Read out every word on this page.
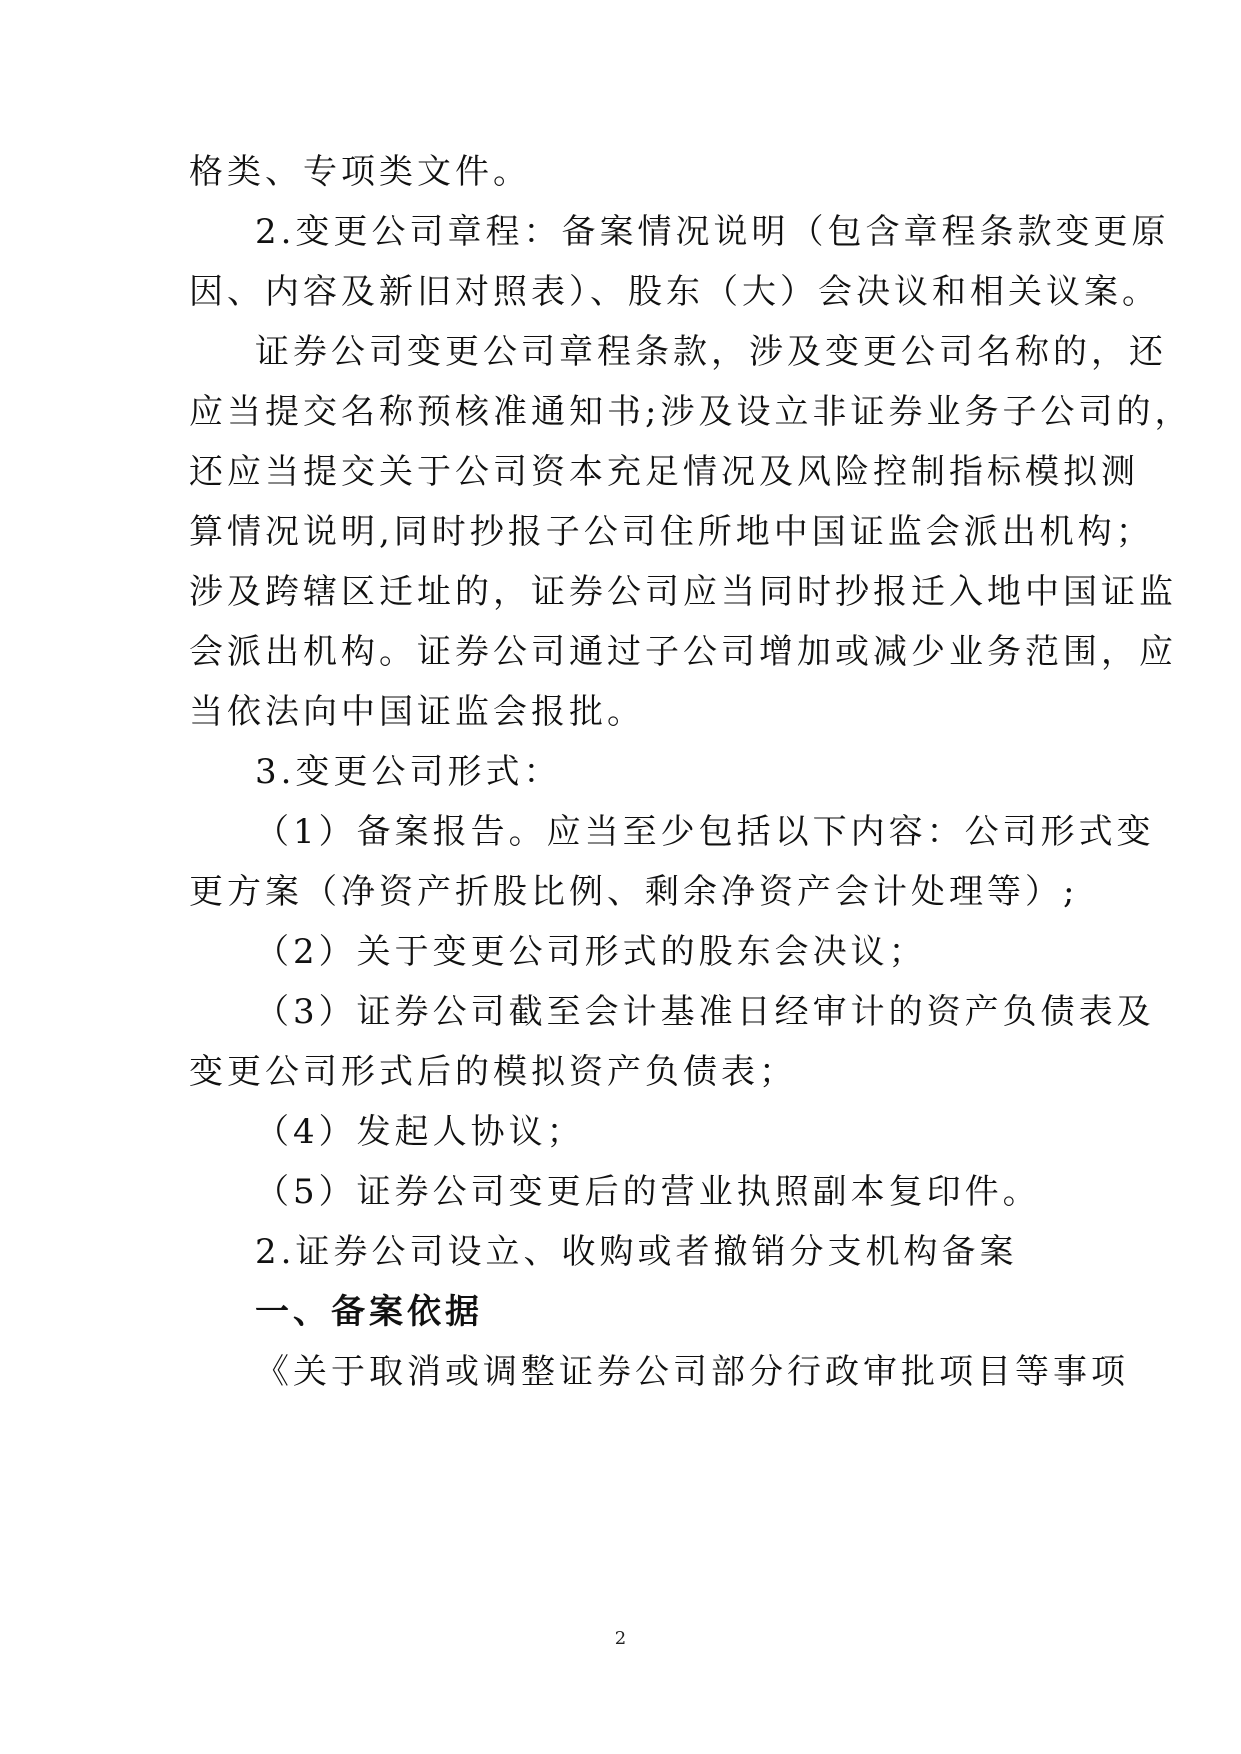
格类、专项类文件。
2.变更公司章程：备案情况说明（包含章程条款变更原
因、内容及新旧对照表）、股东（大）会决议和相关议案。
证券公司变更公司章程条款，涉及变更公司名称的，还
应当提交名称预核准通知书;涉及设立非证券业务子公司的，
还应当提交关于公司资本充足情况及风险控制指标模拟测
算情况说明,同时抄报子公司住所地中国证监会派出机构；
涉及跨辖区迁址的，证券公司应当同时抄报迁入地中国证监
会派出机构。证券公司通过子公司增加或减少业务范围，应
当依法向中国证监会报批。
3.变更公司形式：
（1）备案报告。应当至少包括以下内容：公司形式变
更方案（净资产折股比例、剩余净资产会计处理等）;
（2）关于变更公司形式的股东会决议；
（3）证券公司截至会计基准日经审计的资产负债表及
变更公司形式后的模拟资产负债表；
（4）发起人协议；
（5）证券公司变更后的营业执照副本复印件。
2.证券公司设立、收购或者撤销分支机构备案
一、备案依据
《关于取消或调整证券公司部分行政审批项目等事项
2
